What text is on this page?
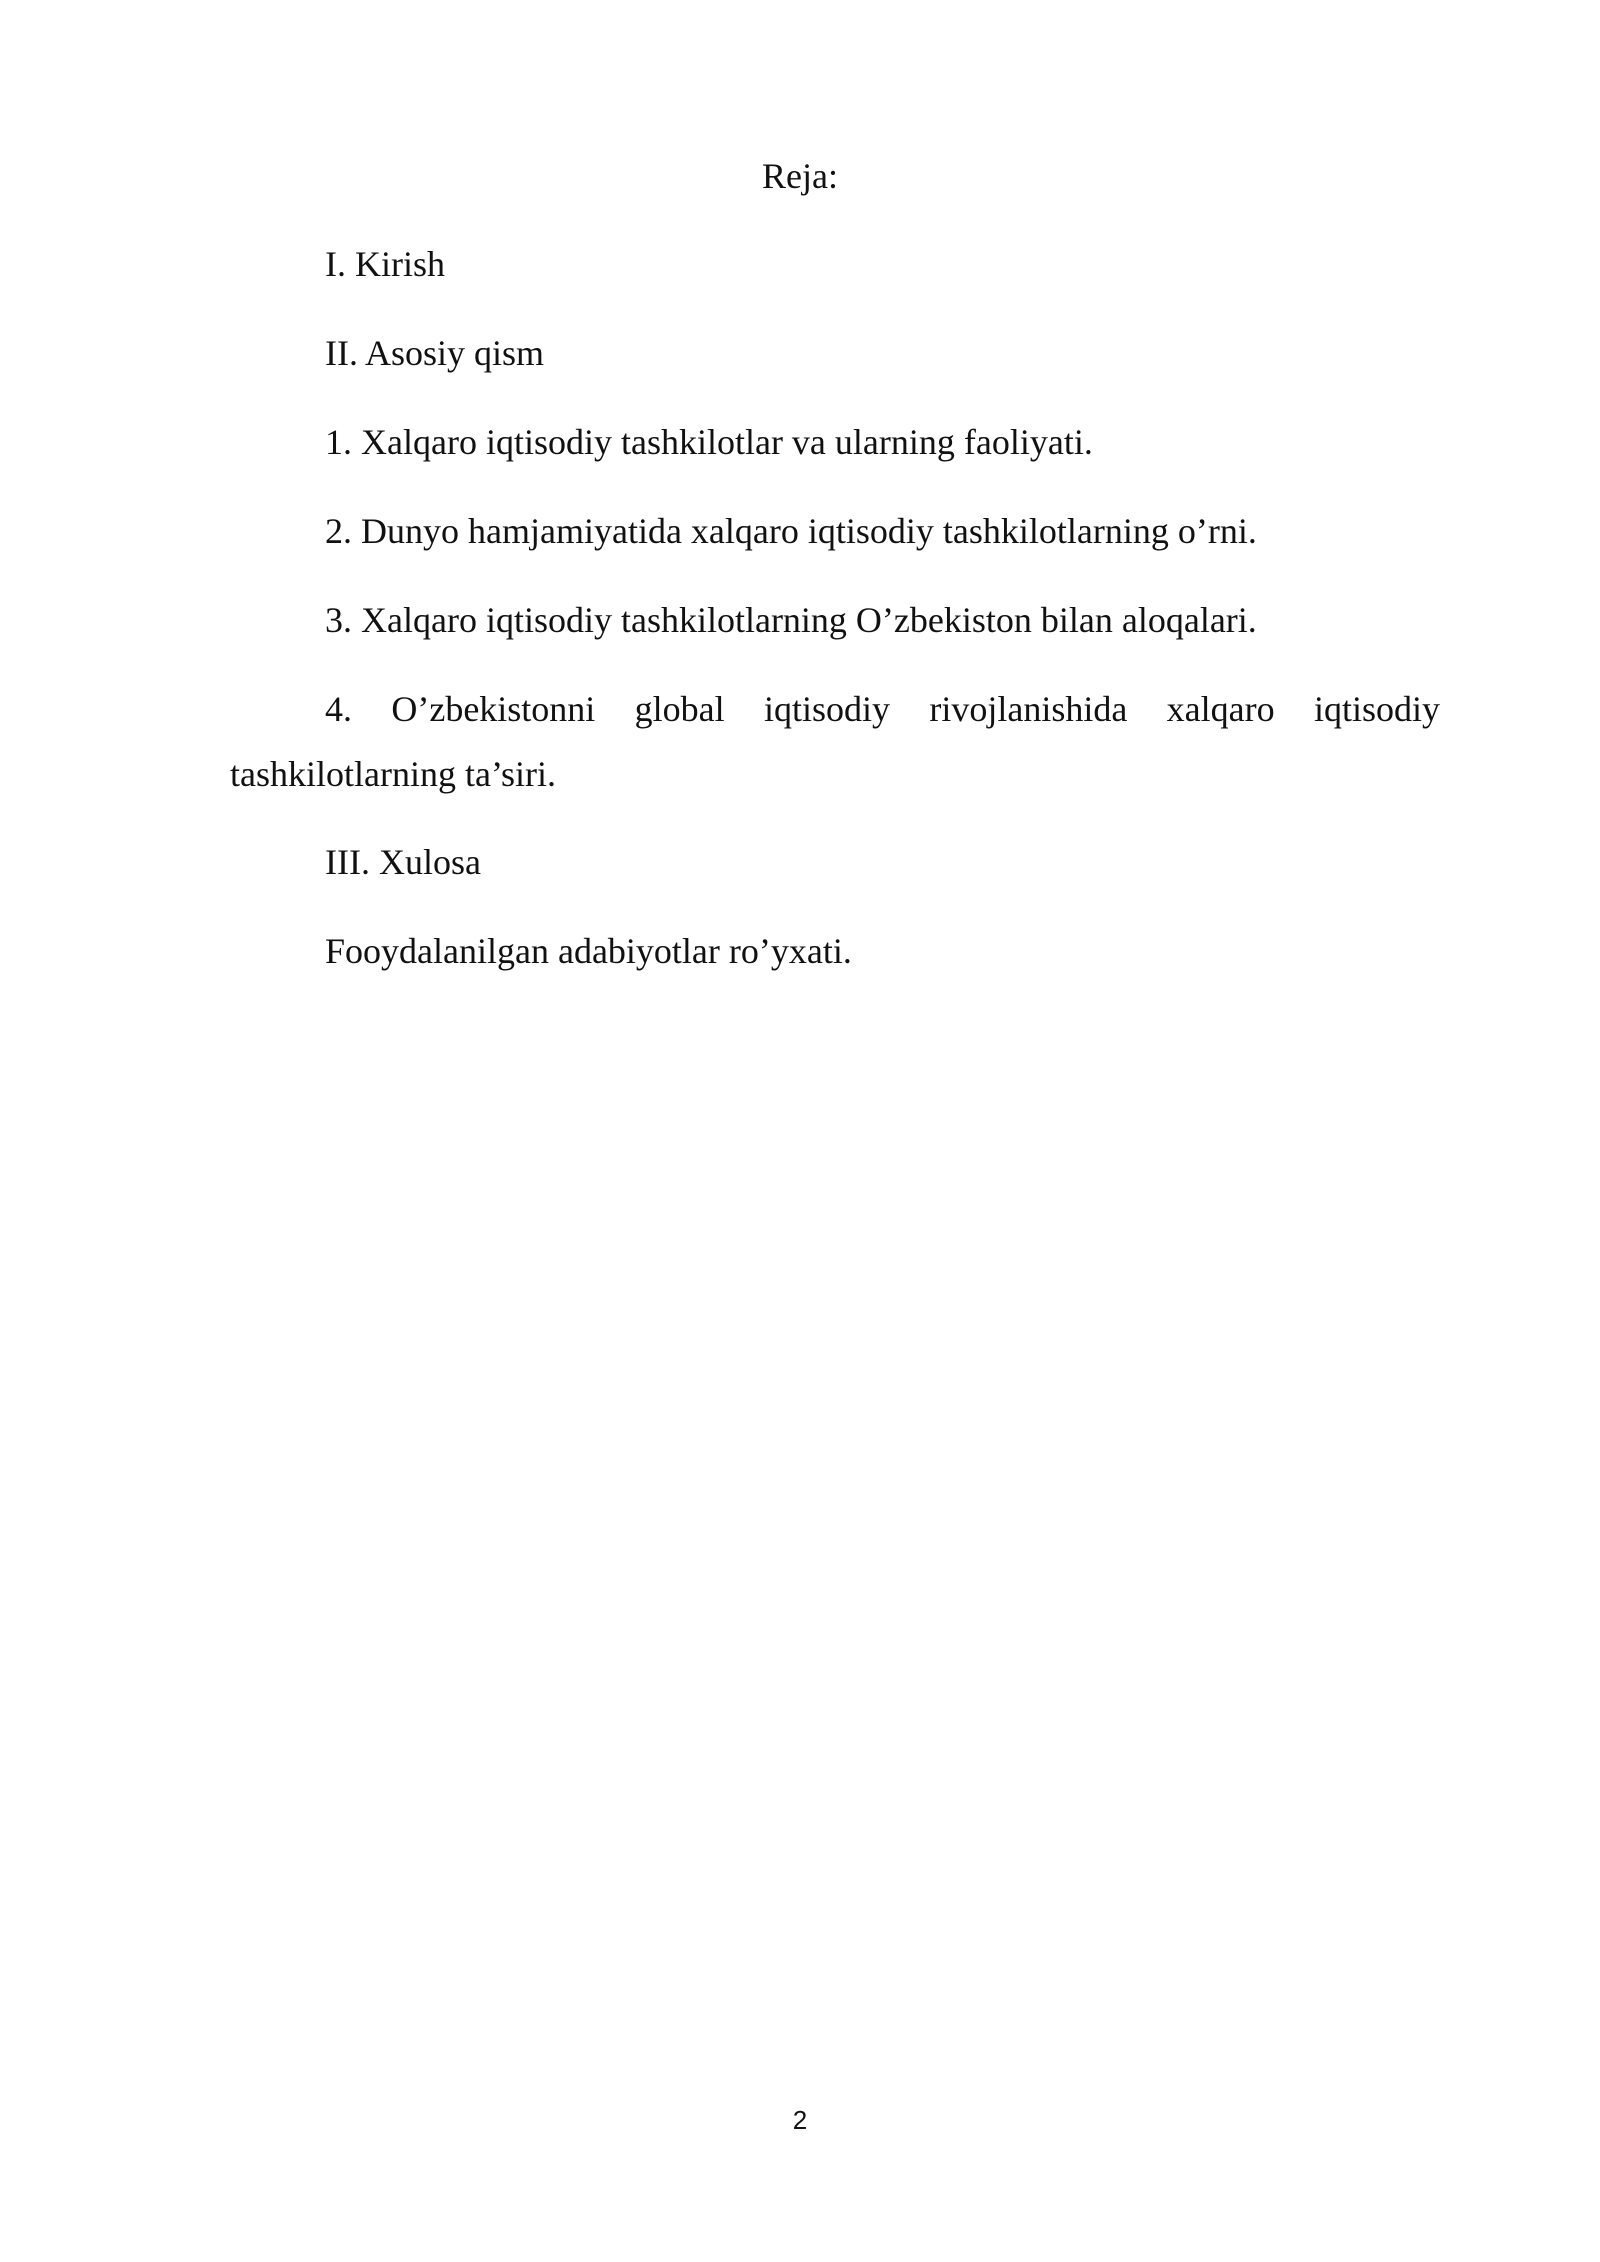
Reja:
I. Kirish
II. Asosiy qism
1. Xalqaro iqtisodiy tashkilotlar va ularning faoliyati.
2. Dunyo hamjamiyatida xalqaro iqtisodiy tashkilotlarning o’rni.
3. Xalqaro iqtisodiy tashkilotlarning O’zbekiston bilan aloqalari.
4. O’zbekistonni global iqtisodiy rivojlanishida xalqaro iqtisodiy tashkilotlarning ta’siri.
III. Xulosa
Fooydalanilgan adabiyotlar ro’yxati.
2
